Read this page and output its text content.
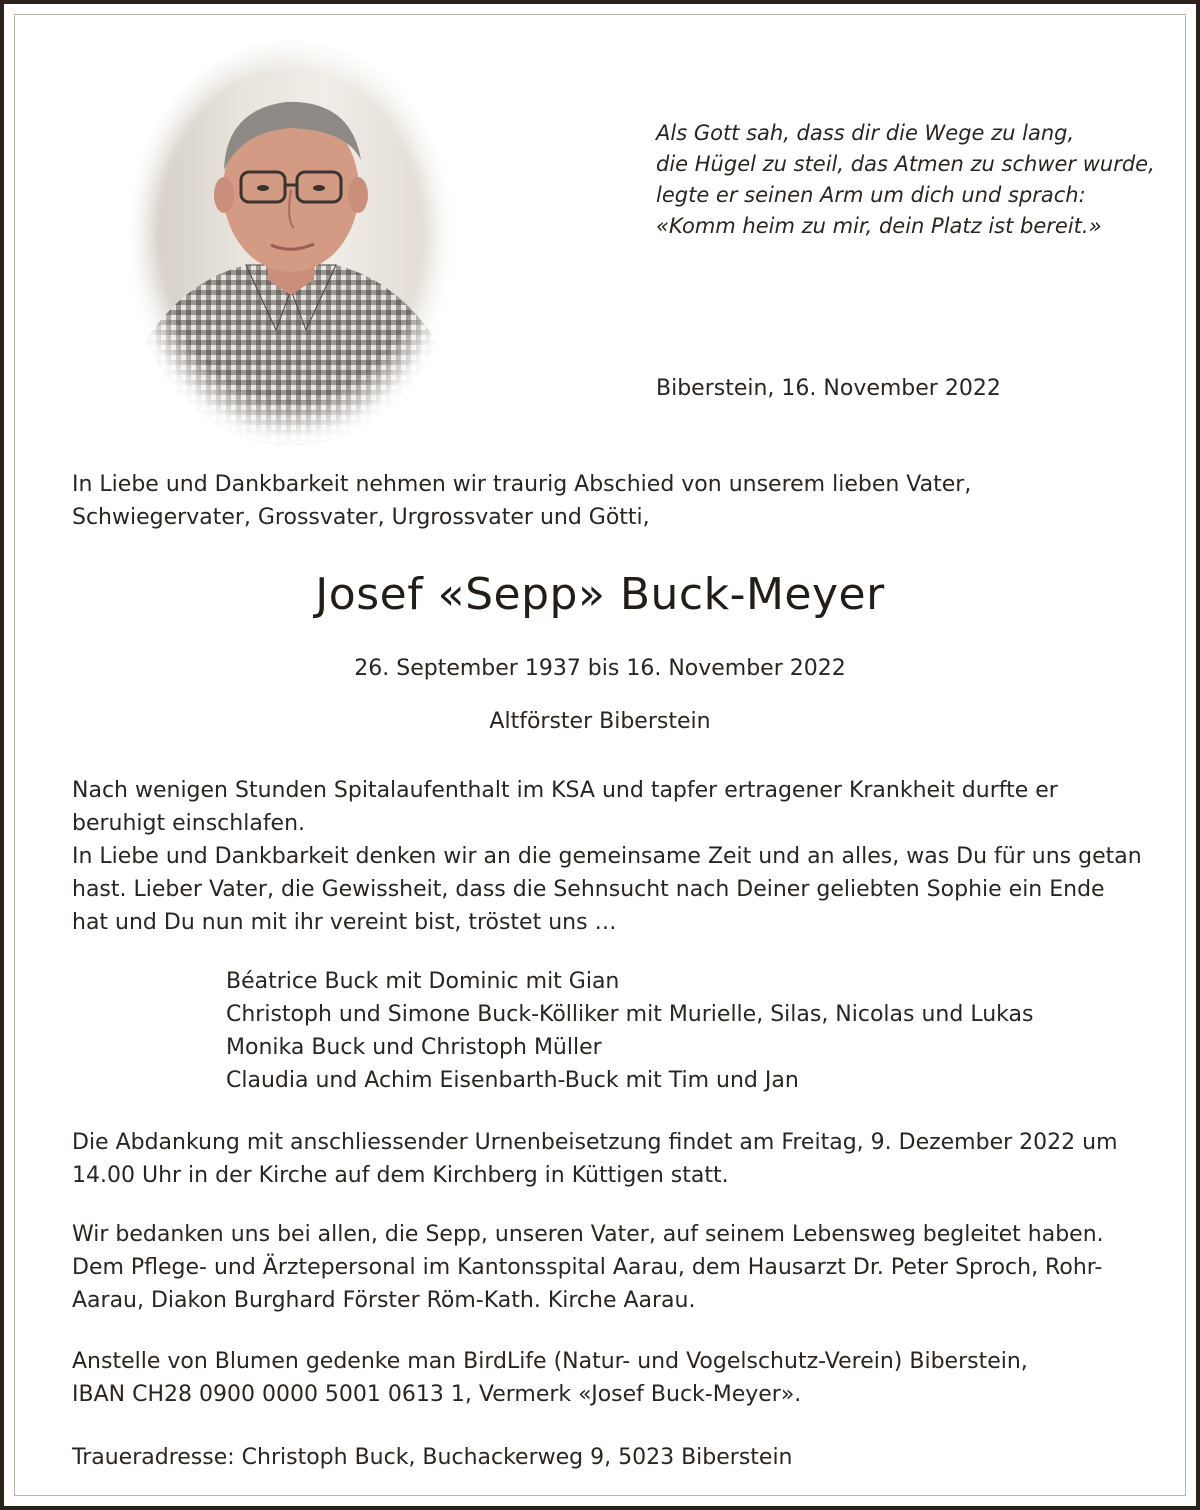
Als Gott sah, dass dir die Wege zu lang,
die Hügel zu steil, das Atmen zu schwer wurde,
legte er seinen Arm um dich und sprach:
«Komm heim zu mir, dein Platz ist bereit.»
Biberstein, 16. November 2022

In Liebe und Dankbarkeit nehmen wir traurig Abschied von unserem lieben Vater, Schwiegervater, Grossvater, Urgrossvater und Götti,

Josef «Sepp» Buck-Meyer
26. September 1937 bis 16. November 2022
Altförster Biberstein
Nach wenigen Stunden Spitalaufenthalt im KSA und tapfer ertragener Krankheit durfte er beruhigt einschlafen.
In Liebe und Dankbarkeit denken wir an die gemeinsame Zeit und an alles, was Du für uns getan hast. Lieber Vater, die Gewissheit, dass die Sehnsucht nach Deiner geliebten Sophie ein Ende hat und Du nun mit ihr vereint bist, tröstet uns …
Béatrice Buck mit Dominic mit Gian
Christoph und Simone Buck-Kölliker mit Murielle, Silas, Nicolas und Lukas
Monika Buck und Christoph Müller
Claudia und Achim Eisenbarth-Buck mit Tim und Jan

Die Abdankung mit anschliessender Urnenbeisetzung findet am Freitag, 9. Dezember 2022 um 14.00 Uhr in der Kirche auf dem Kirchberg in Küttigen statt.

Wir bedanken uns bei allen, die Sepp, unseren Vater, auf seinem Lebensweg begleitet haben. Dem Pflege- und Ärztepersonal im Kantonsspital Aarau, dem Hausarzt Dr. Peter Sproch, Rohr-Aarau, Diakon Burghard Förster Röm-Kath. Kirche Aarau.

Anstelle von Blumen gedenke man BirdLife (Natur- und Vogelschutz-Verein) Biberstein,
IBAN CH28 0900 0000 5001 0613 1, Vermerk «Josef Buck-Meyer».
Traueradresse: Christoph Buck, Buchackerweg 9, 5023 Biberstein
